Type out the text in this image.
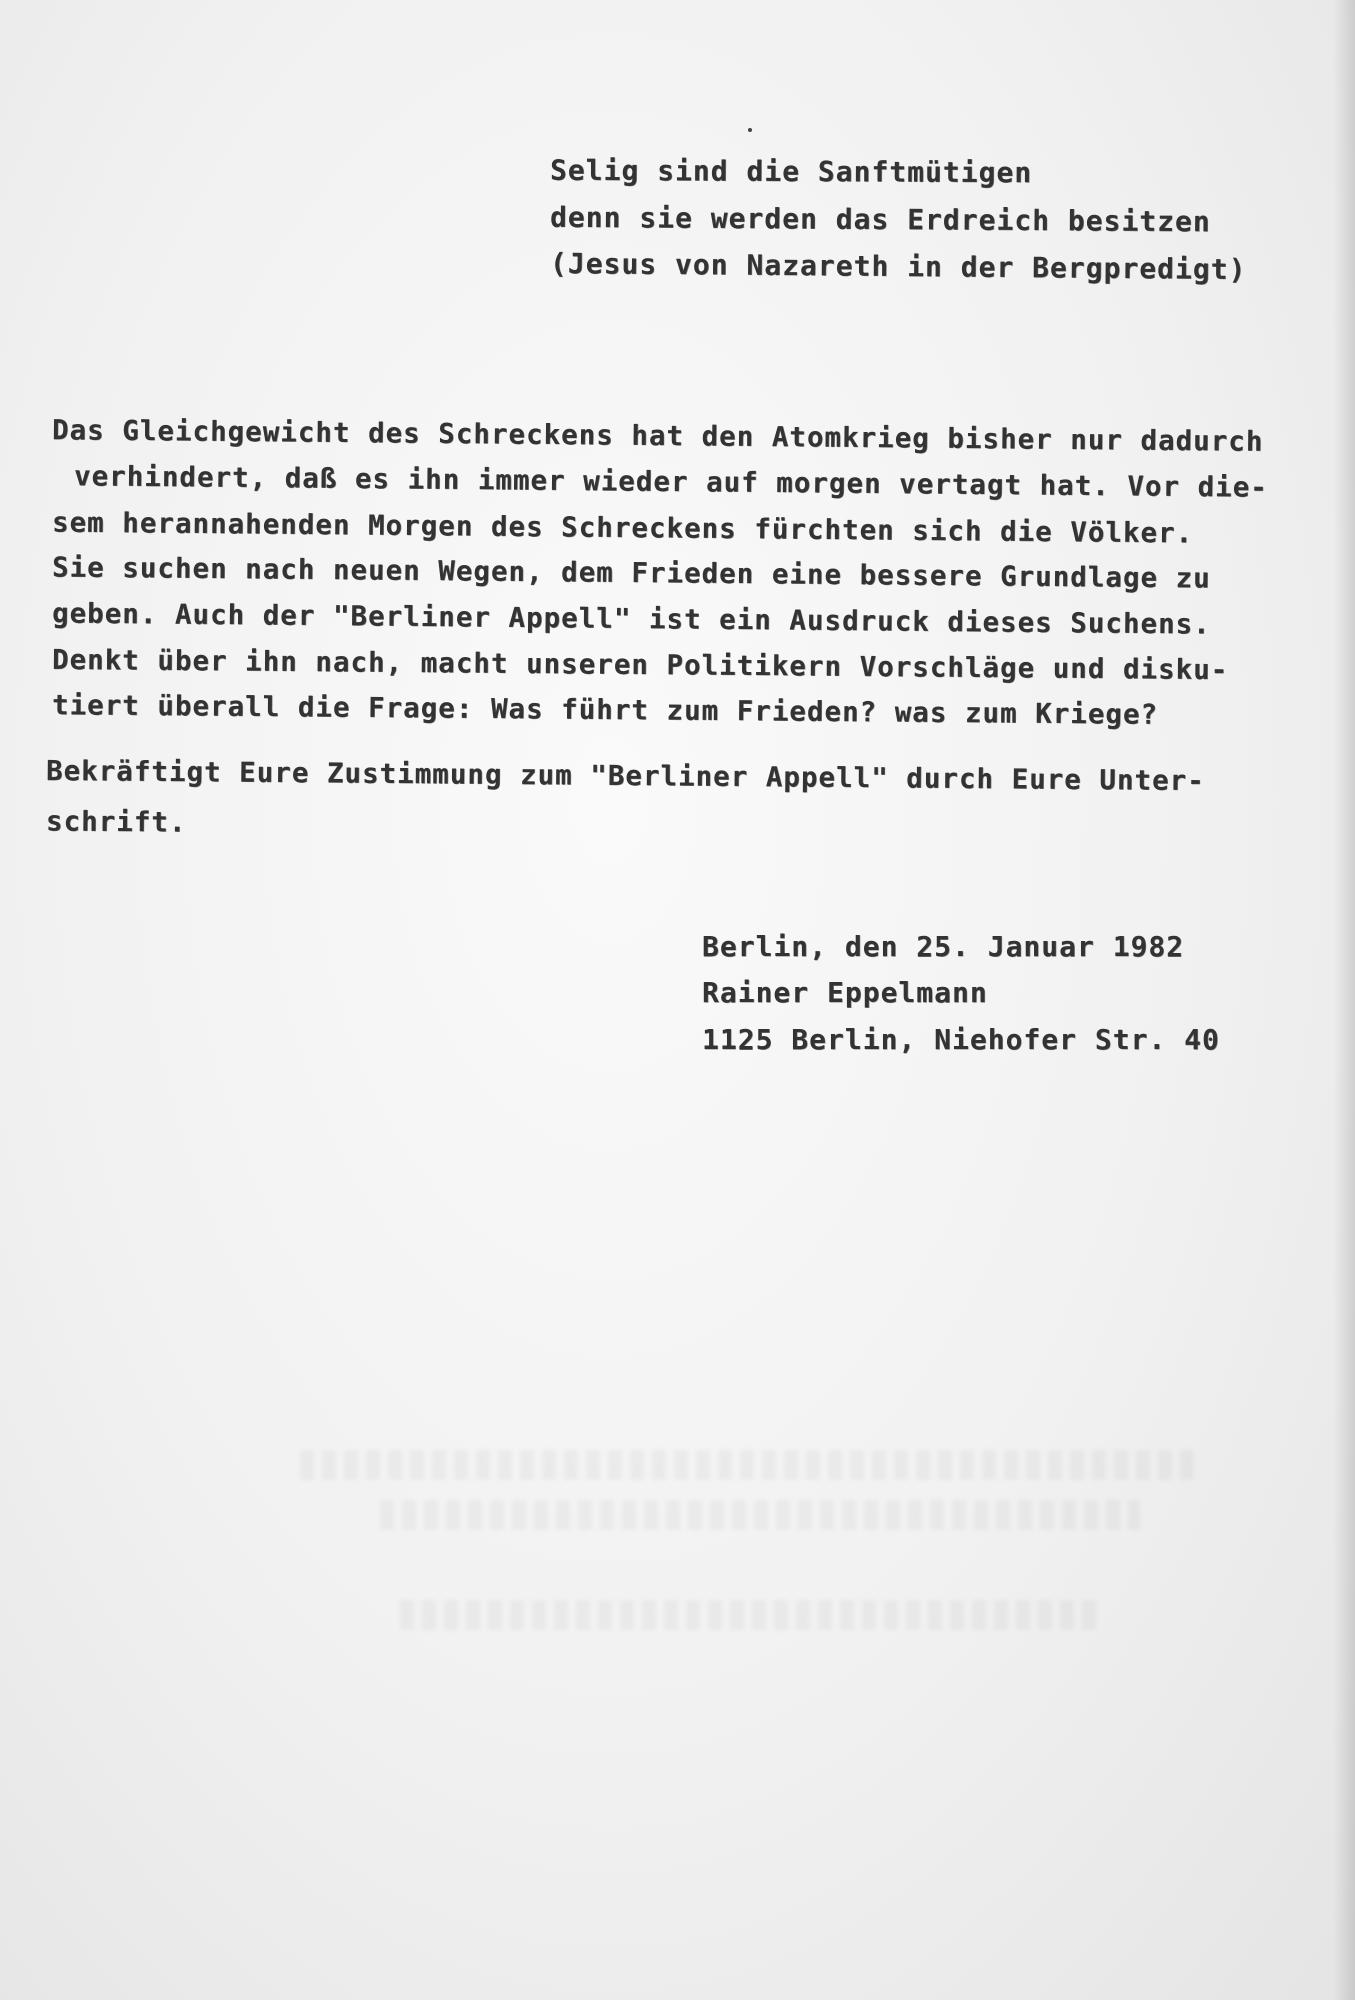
Selig sind die Sanftmütigen
denn sie werden das Erdreich besitzen
(Jesus von Nazareth in der Bergpredigt)
Das Gleichgewicht des Schreckens hat den Atomkrieg bisher nur dadurch
verhindert, daß es ihn immer wieder auf morgen vertagt hat. Vor die-
sem herannahenden Morgen des Schreckens fürchten sich die Völker.
Sie suchen nach neuen Wegen, dem Frieden eine bessere Grundlage zu
geben. Auch der "Berliner Appell" ist ein Ausdruck dieses Suchens.
Denkt über ihn nach, macht unseren Politikern Vorschläge und disku-
tiert überall die Frage: Was führt zum Frieden? was zum Kriege?
Bekräftigt Eure Zustimmung zum "Berliner Appell" durch Eure Unter-
schrift.
Berlin, den 25. Januar 1982
Rainer Eppelmann
1125 Berlin, Niehofer Str. 40
